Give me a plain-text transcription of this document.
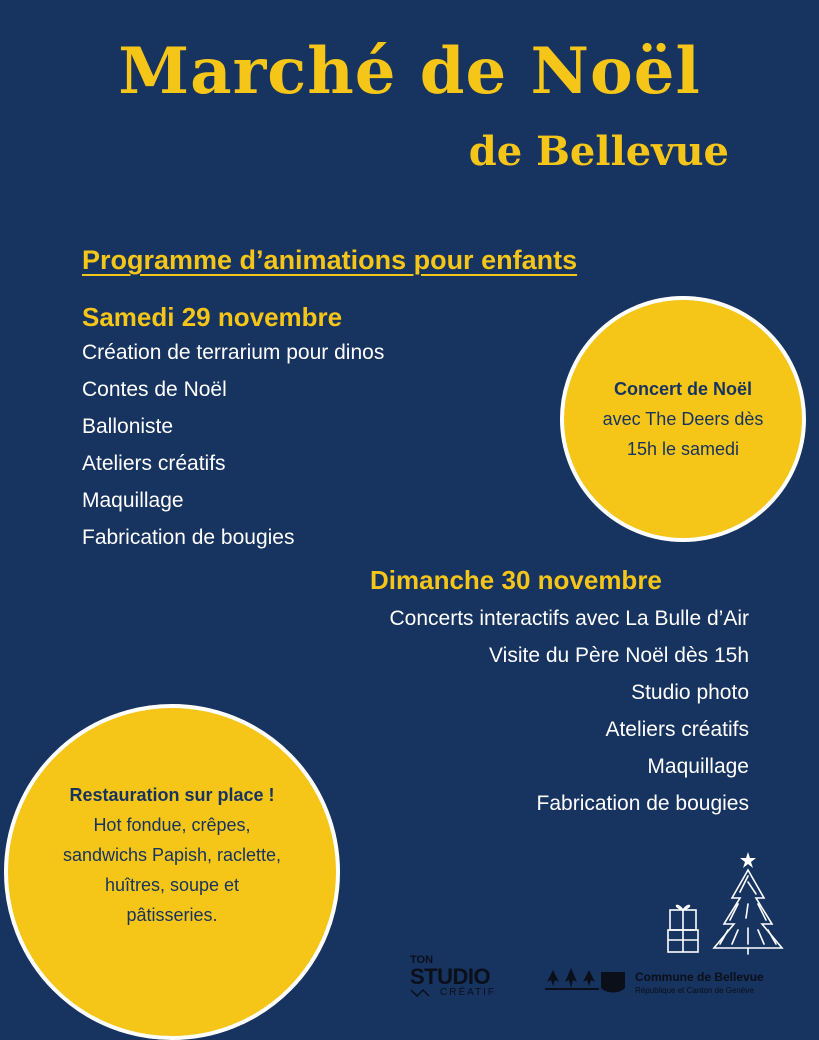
Marché de Noël
de Bellevue
Programme d’animations pour enfants
Samedi 29 novembre
Création de terrarium pour dinos
Contes de Noël
Balloniste
Ateliers créatifs
Maquillage
Fabrication de bougies
Concert de Noël
avec The Deers dès
15h le samedi
Dimanche 30 novembre
Concerts interactifs avec La Bulle d’Air
Visite du Père Noël dès 15h
Studio photo
Ateliers créatifs
Maquillage
Fabrication de bougies
Restauration sur place !
Hot fondue, crêpes,
sandwichs Papish, raclette,
huîtres, soupe et
pâtisseries.
TON
STUDIO
CRÉATIF
Commune de Bellevue
République et Canton de Genève
